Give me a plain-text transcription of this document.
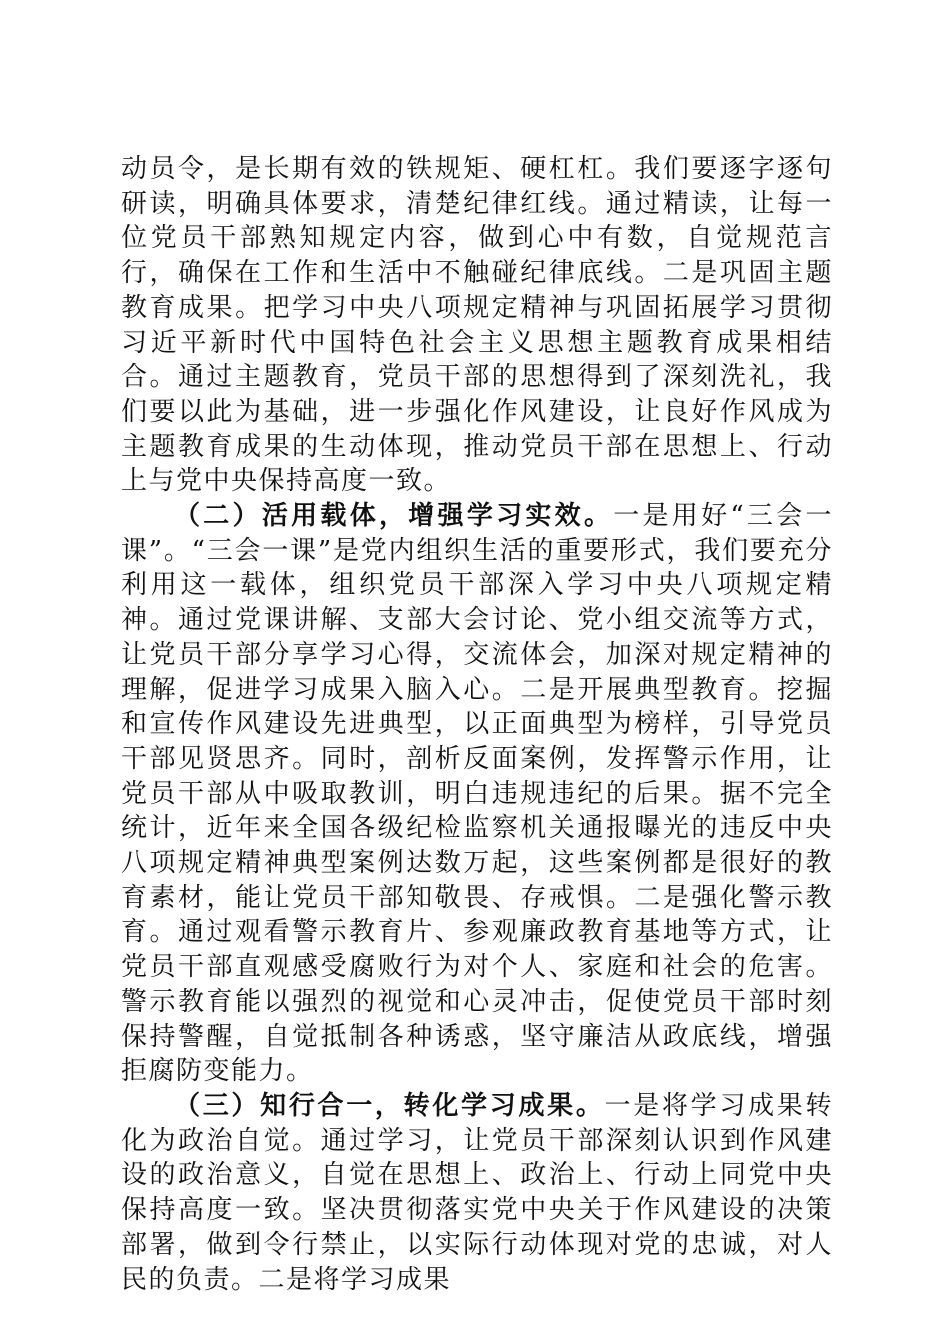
动员令，是长期有效的铁规矩、硬杠杠。我们要逐字逐句研读，明确具体要求，清楚纪律红线。通过精读，让每一位党员干部熟知规定内容，做到心中有数，自觉规范言行，确保在工作和生活中不触碰纪律底线。二是巩固主题教育成果。把学习中央八项规定精神与巩固拓展学习贯彻习近平新时代中国特色社会主义思想主题教育成果相结合。通过主题教育，党员干部的思想得到了深刻洗礼，我们要以此为基础，进一步强化作风建设，让良好作风成为主题教育成果的生动体现，推动党员干部在思想上、行动上与党中央保持高度一致。

（二）活用载体，增强学习实效。一是用好“三会一课”。“三会一课”是党内组织生活的重要形式，我们要充分利用这一载体，组织党员干部深入学习中央八项规定精神。通过党课讲解、支部大会讨论、党小组交流等方式，让党员干部分享学习心得，交流体会，加深对规定精神的理解，促进学习成果入脑入心。二是开展典型教育。挖掘和宣传作风建设先进典型，以正面典型为榜样，引导党员干部见贤思齐。同时，剖析反面案例，发挥警示作用，让党员干部从中吸取教训，明白违规违纪的后果。据不完全统计，近年来全国各级纪检监察机关通报曝光的违反中央八项规定精神典型案例达数万起，这些案例都是很好的教育素材，能让党员干部知敬畏、存戒惧。二是强化警示教育。通过观看警示教育片、参观廉政教育基地等方式，让党员干部直观感受腐败行为对个人、家庭和社会的危害。警示教育能以强烈的视觉和心灵冲击，促使党员干部时刻保持警醒，自觉抵制各种诱惑，坚守廉洁从政底线，增强拒腐防变能力。

（三）知行合一，转化学习成果。一是将学习成果转化为政治自觉。通过学习，让党员干部深刻认识到作风建设的政治意义，自觉在思想上、政治上、行动上同党中央保持高度一致。坚决贯彻落实党中央关于作风建设的决策部署，做到令行禁止，以实际行动体现对党的忠诚，对人民的负责。二是将学习成果
